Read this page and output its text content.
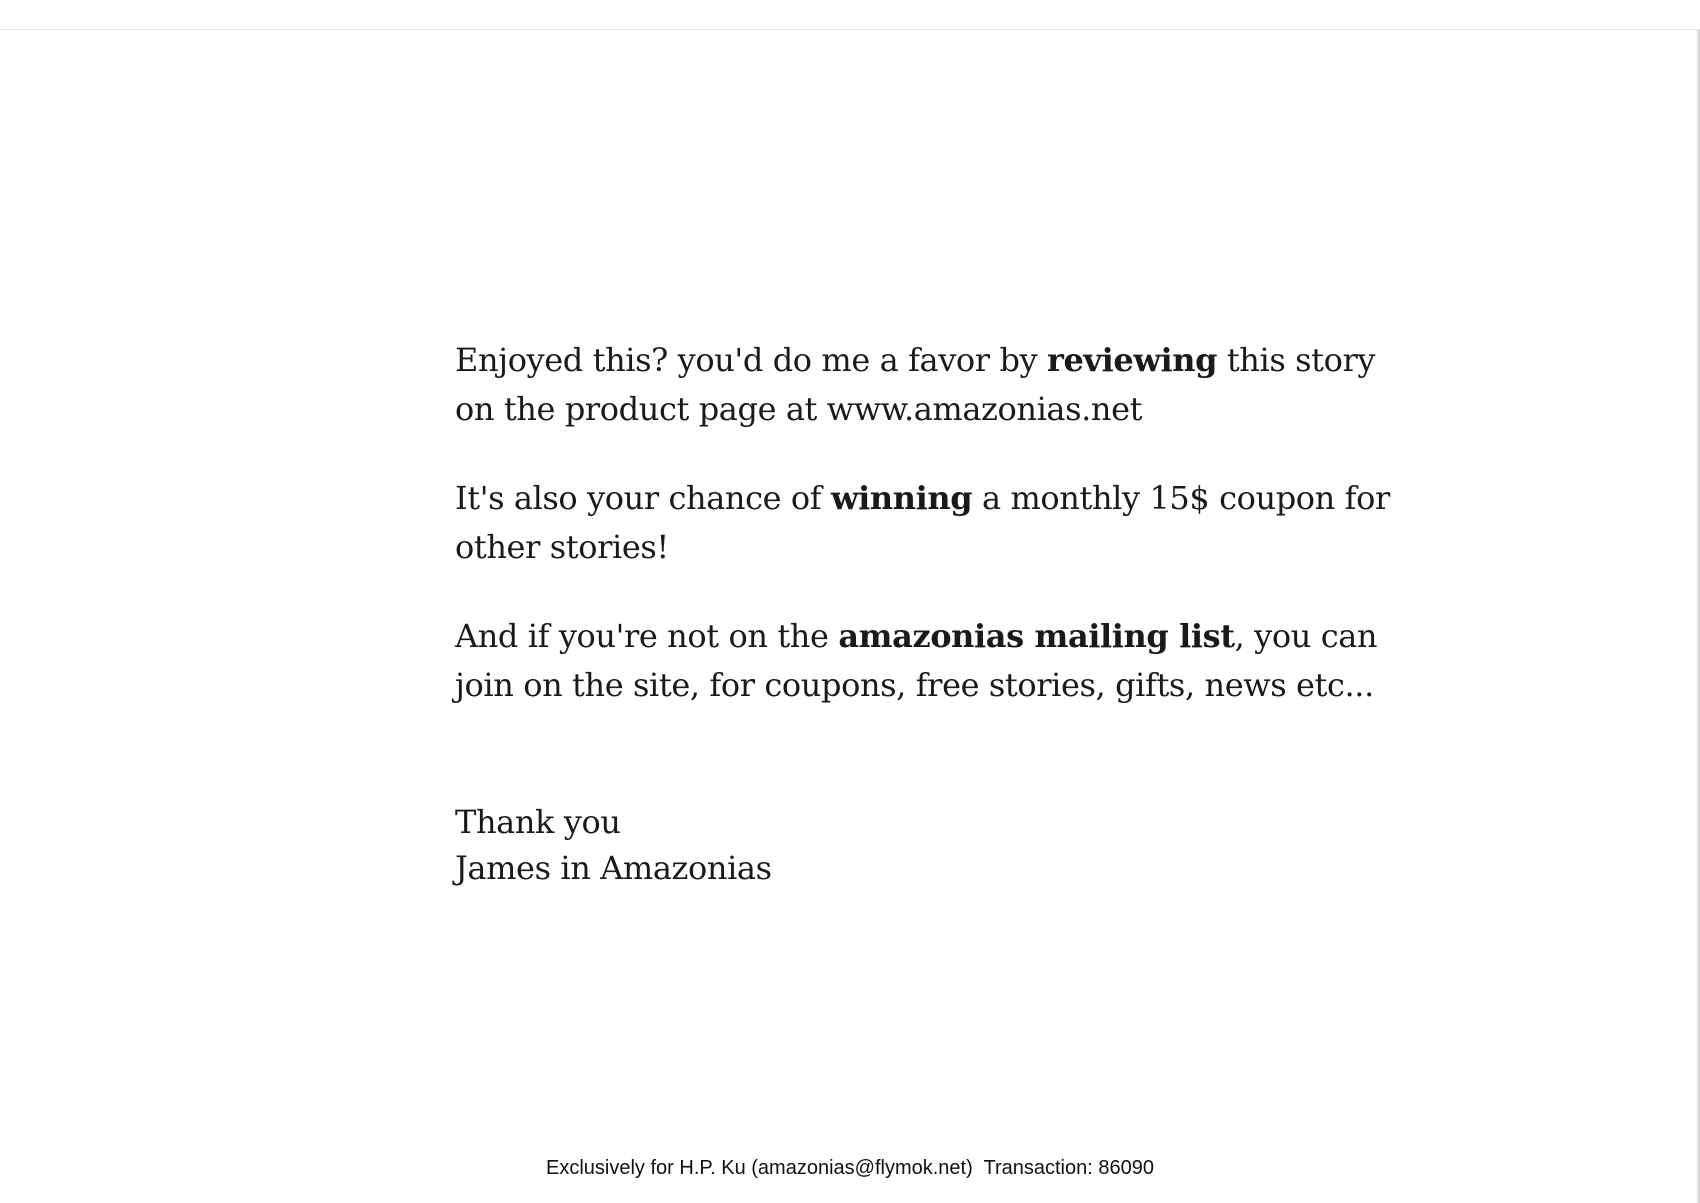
Enjoyed this? you'd do me a favor by reviewing this story
on the product page at www.amazonias.net

It's also your chance of winning a monthly 15$ coupon for
other stories!

And if you're not on the amazonias mailing list, you can
join on the site, for coupons, free stories, gifts, news etc...

Thank you
James in Amazonias
Exclusively for H.P. Ku (amazonias@flymok.net)  Transaction: 86090
